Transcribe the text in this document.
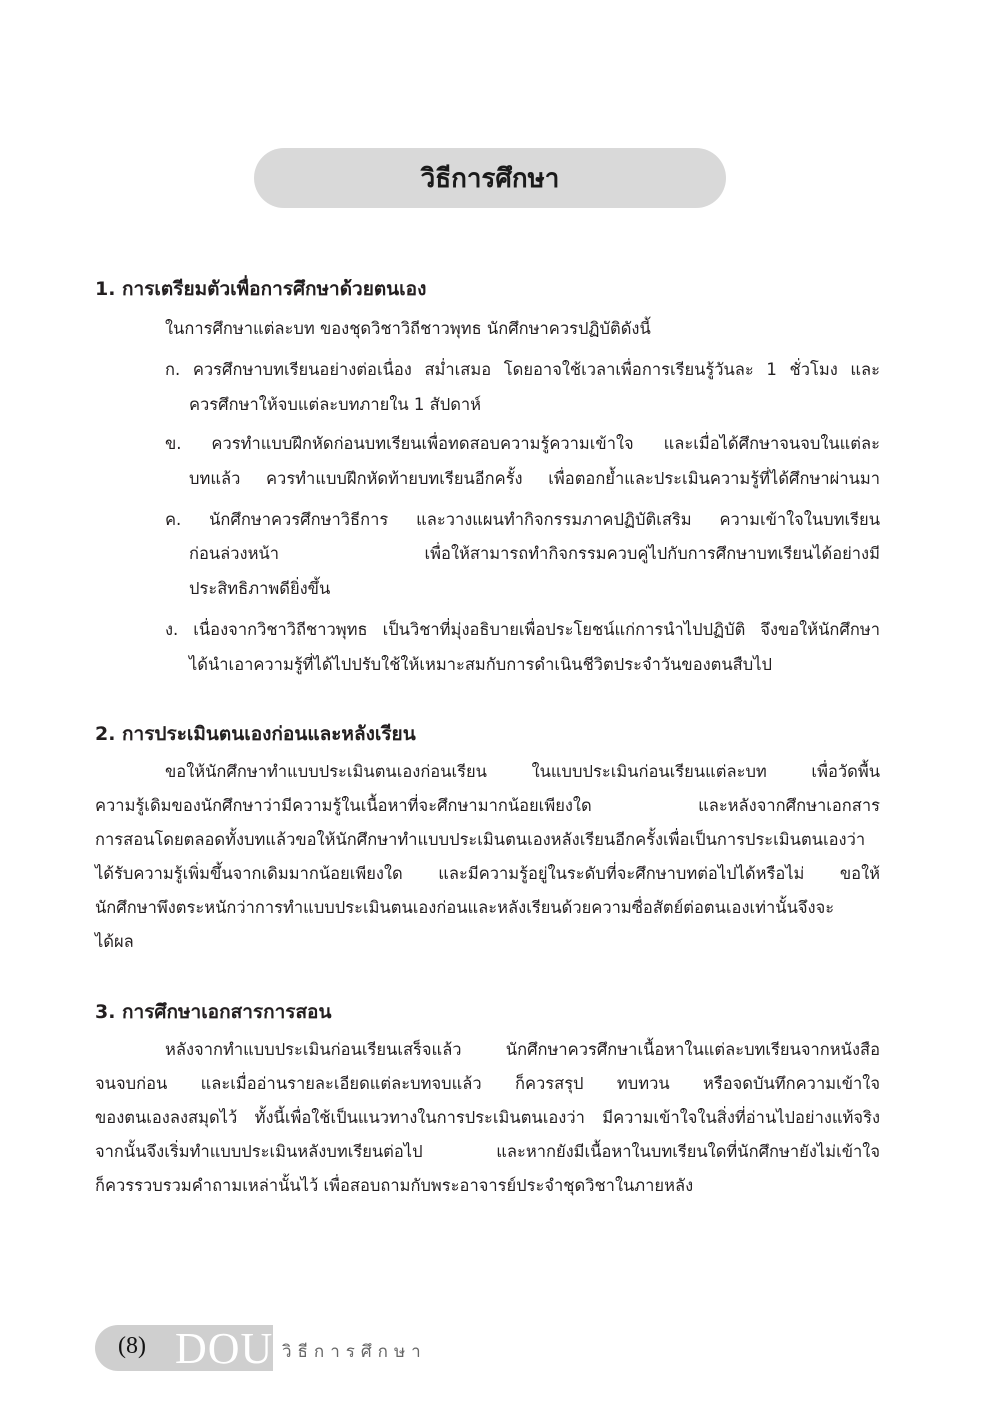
วิธีการศึกษา
1. การเตรียมตัวเพื่อการศึกษาด้วยตนเอง

ในการศึกษาแต่ละบท ของชุดวิชาวิถีชาวพุทธ นักศึกษาควรปฏิบัติดังนี้

ก. ควรศึกษาบทเรียนอย่างต่อเนื่อง สม่ำเสมอ โดยอาจใช้เวลาเพื่อการเรียนรู้วันละ 1 ชั่วโมง และ

ควรศึกษาให้จบแต่ละบทภายใน 1 สัปดาห์

ข. ควรทำแบบฝึกหัดก่อนบทเรียนเพื่อทดสอบความรู้ความเข้าใจ และเมื่อได้ศึกษาจนจบในแต่ละ

บทแล้ว ควรทำแบบฝึกหัดท้ายบทเรียนอีกครั้ง เพื่อตอกย้ำและประเมินความรู้ที่ได้ศึกษาผ่านมา

ค. นักศึกษาควรศึกษาวิธีการ และวางแผนทำกิจกรรมภาคปฏิบัติเสริม ความเข้าใจในบทเรียน

ก่อนล่วงหน้า เพื่อให้สามารถทำกิจกรรมควบคู่ไปกับการศึกษาบทเรียนได้อย่างมี

ประสิทธิภาพดียิ่งขึ้น

ง. เนื่องจากวิชาวิถีชาวพุทธ เป็นวิชาที่มุ่งอธิบายเพื่อประโยชน์แก่การนำไปปฏิบัติ จึงขอให้นักศึกษา

ได้นำเอาความรู้ที่ได้ไปปรับใช้ให้เหมาะสมกับการดำเนินชีวิตประจำวันของตนสืบไป

2. การประเมินตนเองก่อนและหลังเรียน

ขอให้นักศึกษาทำแบบประเมินตนเองก่อนเรียน ในแบบประเมินก่อนเรียนแต่ละบท เพื่อวัดพื้น

ความรู้เดิมของนักศึกษาว่ามีความรู้ในเนื้อหาที่จะศึกษามากน้อยเพียงใด และหลังจากศึกษาเอกสาร

การสอนโดยตลอดทั้งบทแล้วขอให้นักศึกษาทำแบบประเมินตนเองหลังเรียนอีกครั้งเพื่อเป็นการประเมินตนเองว่า

ได้รับความรู้เพิ่มขึ้นจากเดิมมากน้อยเพียงใด และมีความรู้อยู่ในระดับที่จะศึกษาบทต่อไปได้หรือไม่ ขอให้

นักศึกษาพึงตระหนักว่าการทำแบบประเมินตนเองก่อนและหลังเรียนด้วยความซื่อสัตย์ต่อตนเองเท่านั้นจึงจะ

ได้ผล

3. การศึกษาเอกสารการสอน

หลังจากทำแบบประเมินก่อนเรียนเสร็จแล้ว นักศึกษาควรศึกษาเนื้อหาในแต่ละบทเรียนจากหนังสือ

จนจบก่อน และเมื่ออ่านรายละเอียดแต่ละบทจบแล้ว ก็ควรสรุป ทบทวน หรือจดบันทึกความเข้าใจ

ของตนเองลงสมุดไว้ ทั้งนี้เพื่อใช้เป็นแนวทางในการประเมินตนเองว่า มีความเข้าใจในสิ่งที่อ่านไปอย่างแท้จริง

จากนั้นจึงเริ่มทำแบบประเมินหลังบทเรียนต่อไป และหากยังมีเนื้อหาในบทเรียนใดที่นักศึกษายังไม่เข้าใจ

ก็ควรรวบรวมคำถามเหล่านั้นไว้ เพื่อสอบถามกับพระอาจารย์ประจำชุดวิชาในภายหลัง

(8) DOU วิธีการศึกษา
